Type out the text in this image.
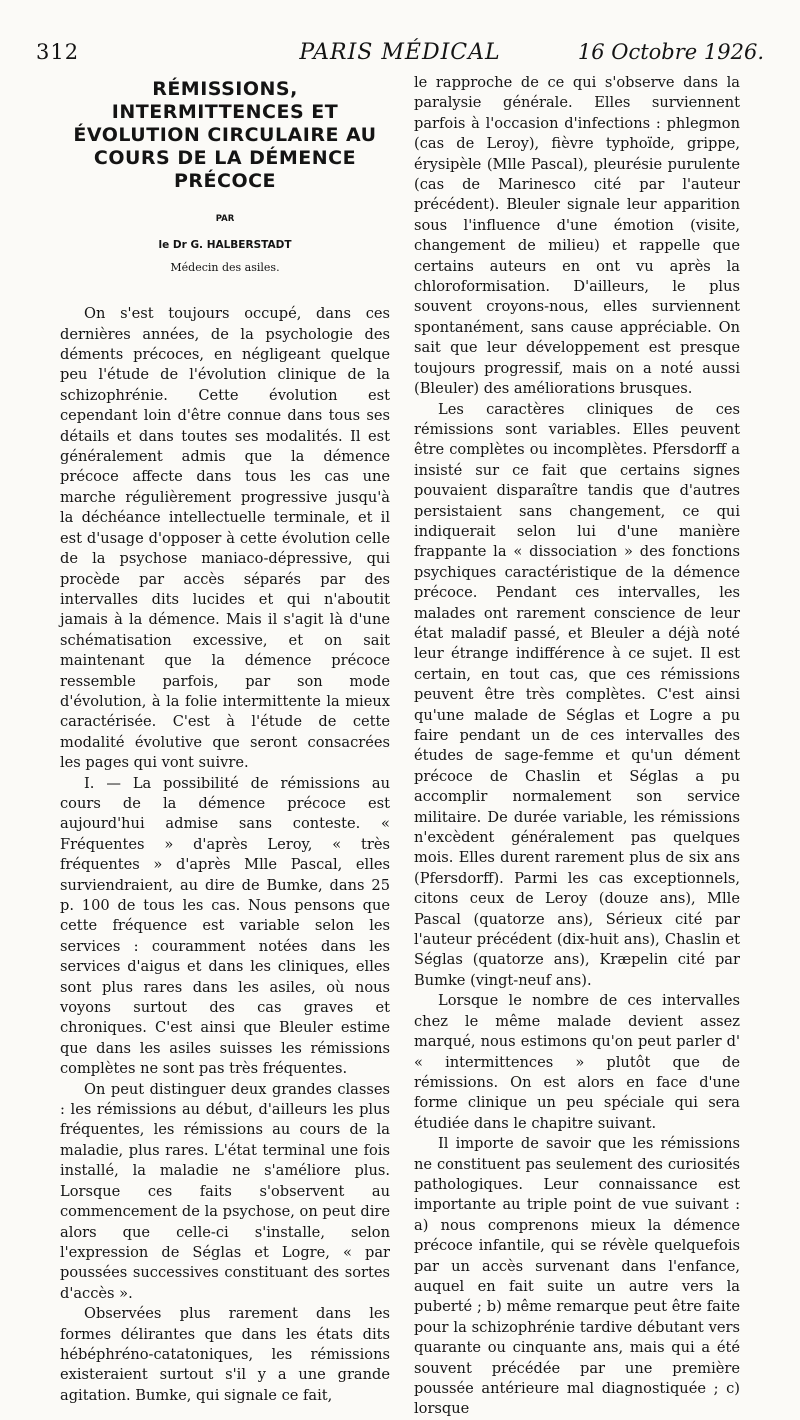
312	PARIS MÉDICAL	16 Octobre 1926.
RÉMISSIONS,
INTERMITTENCES ET
ÉVOLUTION CIRCULAIRE AU
COURS DE LA DÉMENCE
PRÉCOCE
PAR
le Dr G. HALBERSTADT
Médecin des asiles.

On s'est toujours occupé, dans ces dernières années, de la psychologie des déments précoces, en négligeant quelque peu l'étude de l'évolution clinique de la schizophrénie. Cette évolution est cependant loin d'être connue dans tous ses détails et dans toutes ses modalités. Il est généralement admis que la démence précoce affecte dans tous les cas une marche régulièrement progressive jusqu'à la déchéance intellectuelle terminale, et il est d'usage d'opposer à cette évolution celle de la psychose maniaco-dépressive, qui procède par accès séparés par des intervalles dits lucides et qui n'aboutit jamais à la démence. Mais il s'agit là d'une schématisation excessive, et on sait maintenant que la démence précoce ressemble parfois, par son mode d'évolution, à la folie intermittente la mieux caractérisée. C'est à l'étude de cette modalité évolutive que seront consacrées les pages qui vont suivre.

I. — La possibilité de rémissions au cours de la démence précoce est aujourd'hui admise sans conteste. « Fréquentes » d'après Leroy, « très fréquentes » d'après Mlle Pascal, elles surviendraient, au dire de Bumke, dans 25 p. 100 de tous les cas. Nous pensons que cette fréquence est variable selon les services : couramment notées dans les services d'aigus et dans les cliniques, elles sont plus rares dans les asiles, où nous voyons surtout des cas graves et chroniques. C'est ainsi que Bleuler estime que dans les asiles suisses les rémissions complètes ne sont pas très fréquentes.

On peut distinguer deux grandes classes : les rémissions au début, d'ailleurs les plus fréquentes, les rémissions au cours de la maladie, plus rares. L'état terminal une fois installé, la maladie ne s'améliore plus. Lorsque ces faits s'observent au commencement de la psychose, on peut dire alors que celle-ci s'installe, selon l'expression de Séglas et Logre, « par poussées successives constituant des sortes d'accès ».

Observées plus rarement dans les formes délirantes que dans les états dits hébéphréno-catatoniques, les rémissions existeraient surtout s'il y a une grande agitation. Bumke, qui signale ce fait,

le rapproche de ce qui s'observe dans la paralysie générale. Elles surviennent parfois à l'occasion d'infections : phlegmon (cas de Leroy), fièvre typhoïde, grippe, érysipèle (Mlle Pascal), pleurésie purulente (cas de Marinesco cité par l'auteur précédent). Bleuler signale leur apparition sous l'influence d'une émotion (visite, changement de milieu) et rappelle que certains auteurs en ont vu après la chloroformisation. D'ailleurs, le plus souvent croyons-nous, elles surviennent spontanément, sans cause appréciable. On sait que leur développement est presque toujours progressif, mais on a noté aussi (Bleuler) des améliorations brusques.

Les caractères cliniques de ces rémissions sont variables. Elles peuvent être complètes ou incomplètes. Pfersdorff a insisté sur ce fait que certains signes pouvaient disparaître tandis que d'autres persistaient sans changement, ce qui indiquerait selon lui d'une manière frappante la « dissociation » des fonctions psychiques caractéristique de la démence précoce. Pendant ces intervalles, les malades ont rarement conscience de leur état maladif passé, et Bleuler a déjà noté leur étrange indifférence à ce sujet. Il est certain, en tout cas, que ces rémissions peuvent être très complètes. C'est ainsi qu'une malade de Séglas et Logre a pu faire pendant un de ces intervalles des études de sage-femme et qu'un dément précoce de Chaslin et Séglas a pu accomplir normalement son service militaire. De durée variable, les rémissions n'excèdent généralement pas quelques mois. Elles durent rarement plus de six ans (Pfersdorff). Parmi les cas exceptionnels, citons ceux de Leroy (douze ans), Mlle Pascal (quatorze ans), Sérieux cité par l'auteur précédent (dix-huit ans), Chaslin et Séglas (quatorze ans), Kræpelin cité par Bumke (vingt-neuf ans).

Lorsque le nombre de ces intervalles chez le même malade devient assez marqué, nous estimons qu'on peut parler d' « intermittences » plutôt que de rémissions. On est alors en face d'une forme clinique un peu spéciale qui sera étudiée dans le chapitre suivant.

Il importe de savoir que les rémissions ne constituent pas seulement des curiosités pathologiques. Leur connaissance est importante au triple point de vue suivant : a) nous comprenons mieux la démence précoce infantile, qui se révèle quelquefois par un accès survenant dans l'enfance, auquel en fait suite un autre vers la puberté ; b) même remarque peut être faite pour la schizophrénie tardive débutant vers quarante ou cinquante ans, mais qui a été souvent précédée par une première poussée antérieure mal diagnostiquée ; c) lorsque
